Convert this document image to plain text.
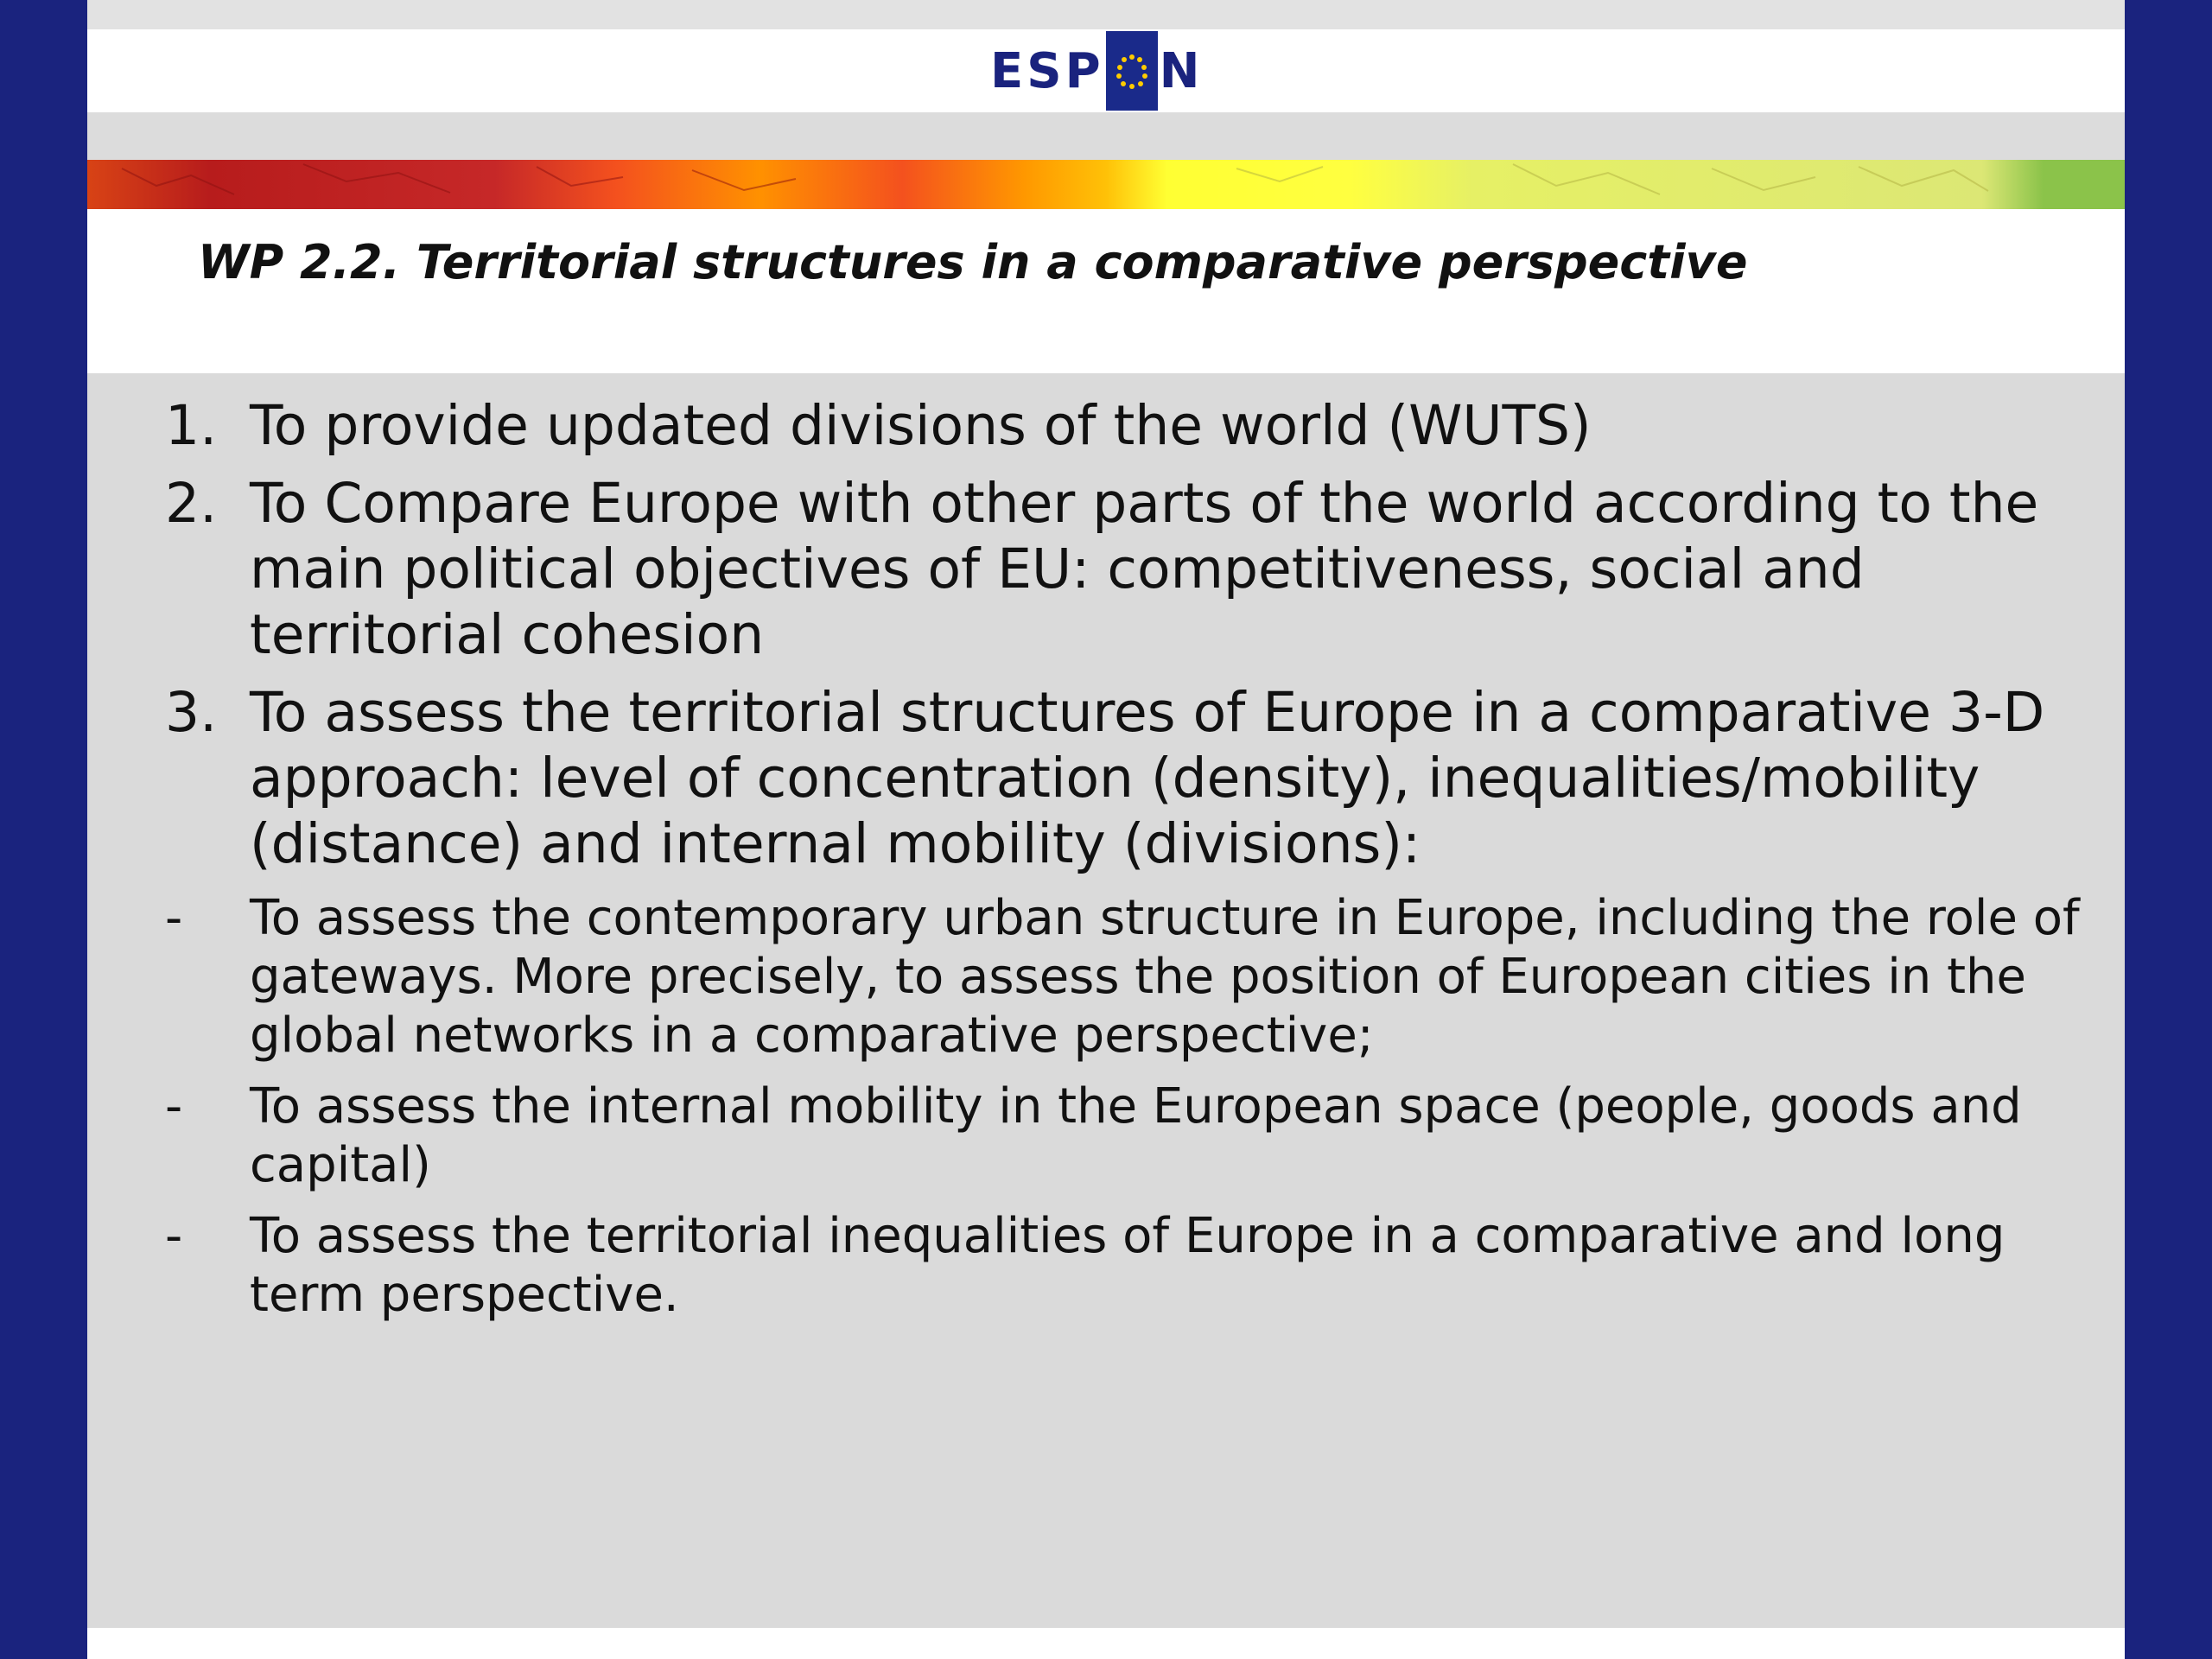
ESP N
WP 2.2. Territorial structures in a comparative perspective
1. To provide updated divisions of the world (WUTS)
2. To Compare Europe with other parts of the world according to the main political objectives of EU: competitiveness, social and territorial cohesion
3. To assess the territorial structures of Europe in a comparative 3-D approach: level of concentration (density), inequalities/mobility (distance) and internal mobility (divisions):
-	To assess the contemporary urban structure in Europe, including the role of gateways. More precisely, to assess the position of European cities in the global networks in a comparative perspective;
-	To assess the internal mobility in the European space (people, goods and capital)
-	To assess the territorial inequalities of Europe in a comparative and long term perspective.
